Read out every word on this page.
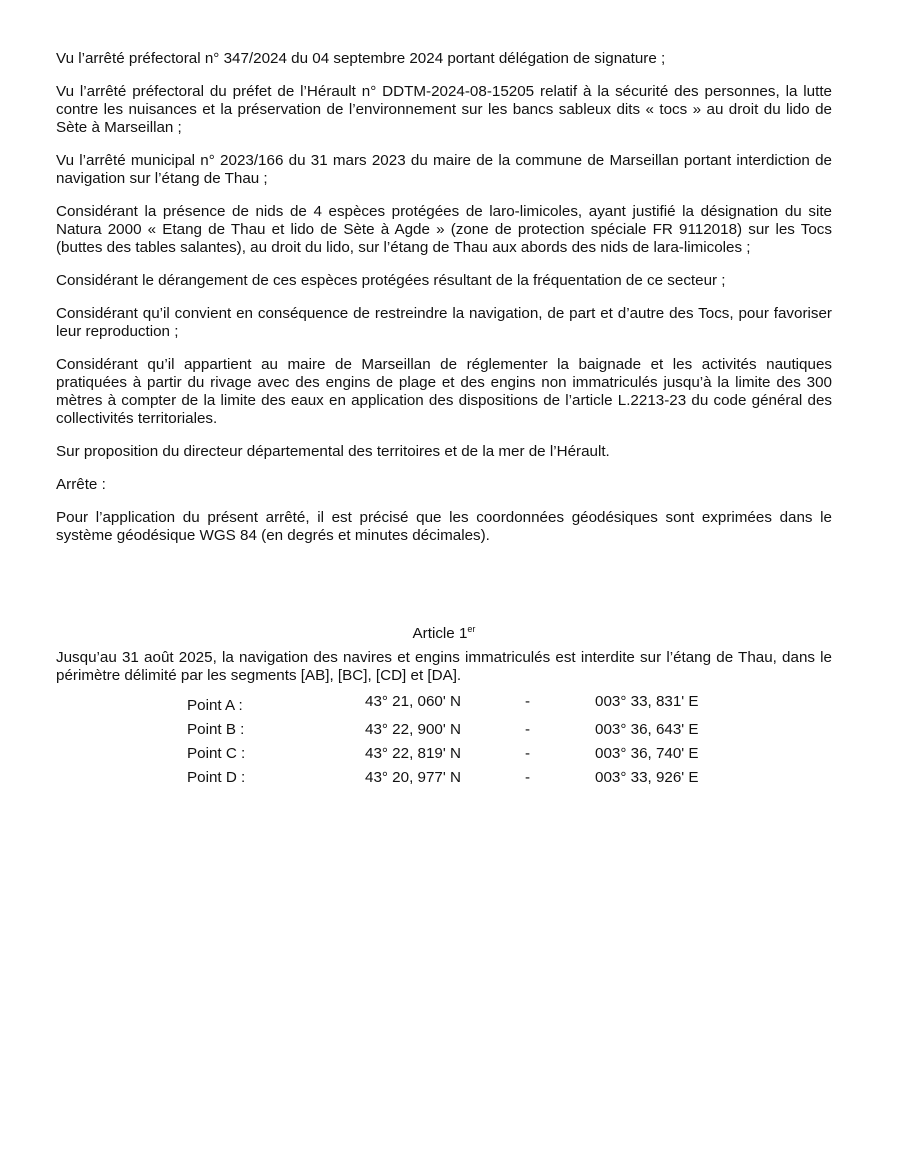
Vu l’arrêté préfectoral n° 347/2024 du 04 septembre 2024 portant délégation de signature ;

Vu l’arrêté préfectoral du préfet de l’Hérault n° DDTM-2024-08-15205 relatif à la sécurité des personnes, la lutte contre les nuisances et la préservation de l’environnement sur les bancs sableux dits « tocs » au droit du lido de Sète à Marseillan ;

Vu l’arrêté municipal n° 2023/166 du 31 mars 2023 du maire de la commune de Marseillan portant interdiction de navigation sur l’étang de Thau ;

Considérant la présence de nids de 4 espèces protégées de laro-limicoles, ayant justifié la désignation du site Natura 2000 « Etang de Thau et lido de Sète à Agde » (zone de protection spéciale FR 9112018) sur les Tocs (buttes des tables salantes), au droit du lido, sur l’étang de Thau aux abords des nids de lara-limicoles ;

Considérant le dérangement de ces espèces protégées résultant de la fréquentation de ce secteur ;

Considérant qu’il convient en conséquence de restreindre la navigation, de part et d’autre des Tocs, pour favoriser leur reproduction ;

Considérant qu’il appartient au maire de Marseillan de réglementer la baignade et les activités nautiques pratiquées à partir du rivage avec des engins de plage et des engins non immatriculés jusqu’à la limite des 300 mètres à compter de la limite des eaux en application des dispositions de l’article L.2213-23 du code général des collectivités territoriales.

Sur proposition du directeur départemental des territoires et de la mer de l’Hérault.

Arrête :

Pour l’application du présent arrêté, il est précisé que les coordonnées géodésiques sont exprimées dans le système géodésique WGS 84 (en degrés et minutes décimales).

Article 1er

Jusqu’au 31 août 2025, la navigation des navires et engins immatriculés est interdite sur l’étang de Thau, dans le périmètre délimité par les segments [AB], [BC], [CD] et [DA].

Point A :	43° 21, 060' N	-	003° 33, 831' E
Point B :	43° 22, 900' N	-	003° 36, 643' E
Point C :	43° 22, 819' N	-	003° 36, 740' E
Point D :	43° 20, 977' N	-	003° 33, 926' E
